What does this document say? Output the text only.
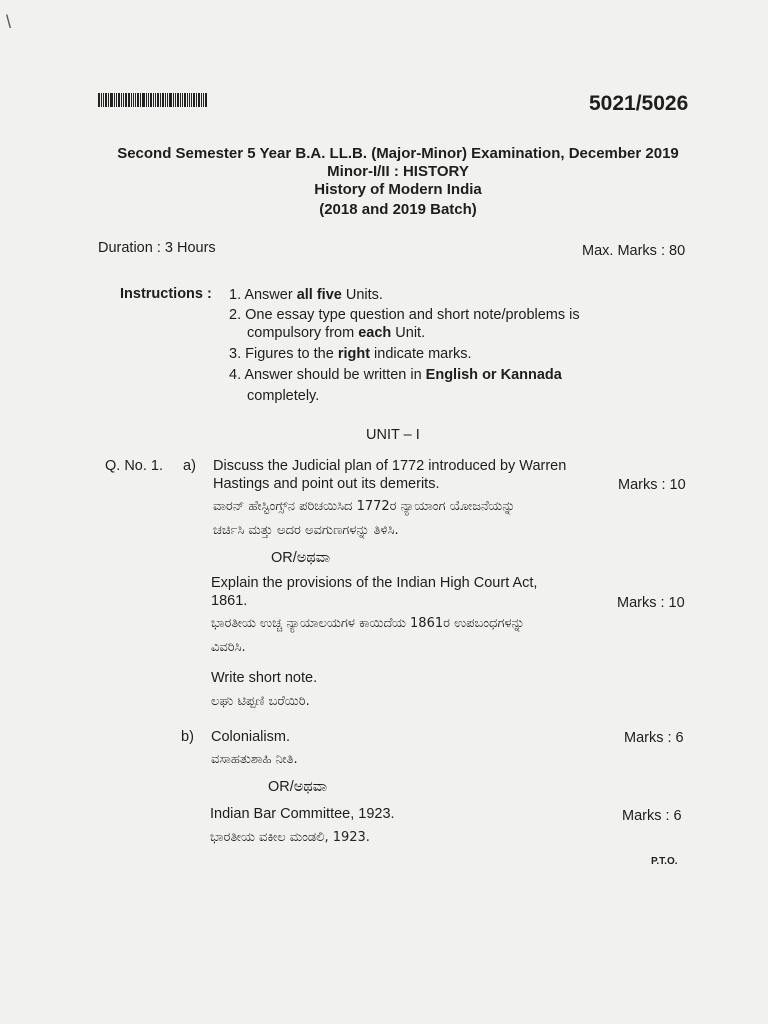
\
5021/5026
Second Semester 5 Year B.A. LL.B. (Major-Minor) Examination, December 2019
Minor-I/II : HISTORY
History of Modern India
(2018 and 2019 Batch)
Duration : 3 Hours	Max. Marks : 80
Instructions : 1. Answer all five Units.
2. One essay type question and short note/problems is
compulsory from each Unit.
3. Figures to the right indicate marks.
4. Answer should be written in English or Kannada
completely.
UNIT – I
Q. No. 1. a) Discuss the Judicial plan of 1772 introduced by Warren
Hastings and point out its demerits.	Marks : 10
ವಾರನ್ ಹೇಸ್ಟಿಂಗ್ಸ್‌ನ ಪರಿಚಯಿಸಿದ 1772ರ ನ್ಯಾಯಾಂಗ ಯೋಜನೆಯನ್ನು
ಚರ್ಚಿಸಿ ಮತ್ತು ಅದರ ಅವಗುಣಗಳನ್ನು ತಿಳಿಸಿ.
OR/ಅಥವಾ
Explain the provisions of the Indian High Court Act,
1861.	Marks : 10
ಭಾರತೀಯ ಉಚ್ಚ ನ್ಯಾಯಾಲಯಗಳ ಕಾಯಿದೆಯ 1861ರ ಉಪಬಂಧಗಳನ್ನು
ವಿವರಿಸಿ.
Write short note.
ಲಘು ಟಿಪ್ಪಣಿ ಬರೆಯಿರಿ.
b) Colonialism.	Marks : 6
ವಸಾಹತುಶಾಹಿ ನೀತಿ.
OR/ಅಥವಾ
Indian Bar Committee, 1923.	Marks : 6
ಭಾರತೀಯ ವಕೀಲ ಮಂಡಲಿ, 1923.
P.T.O.
